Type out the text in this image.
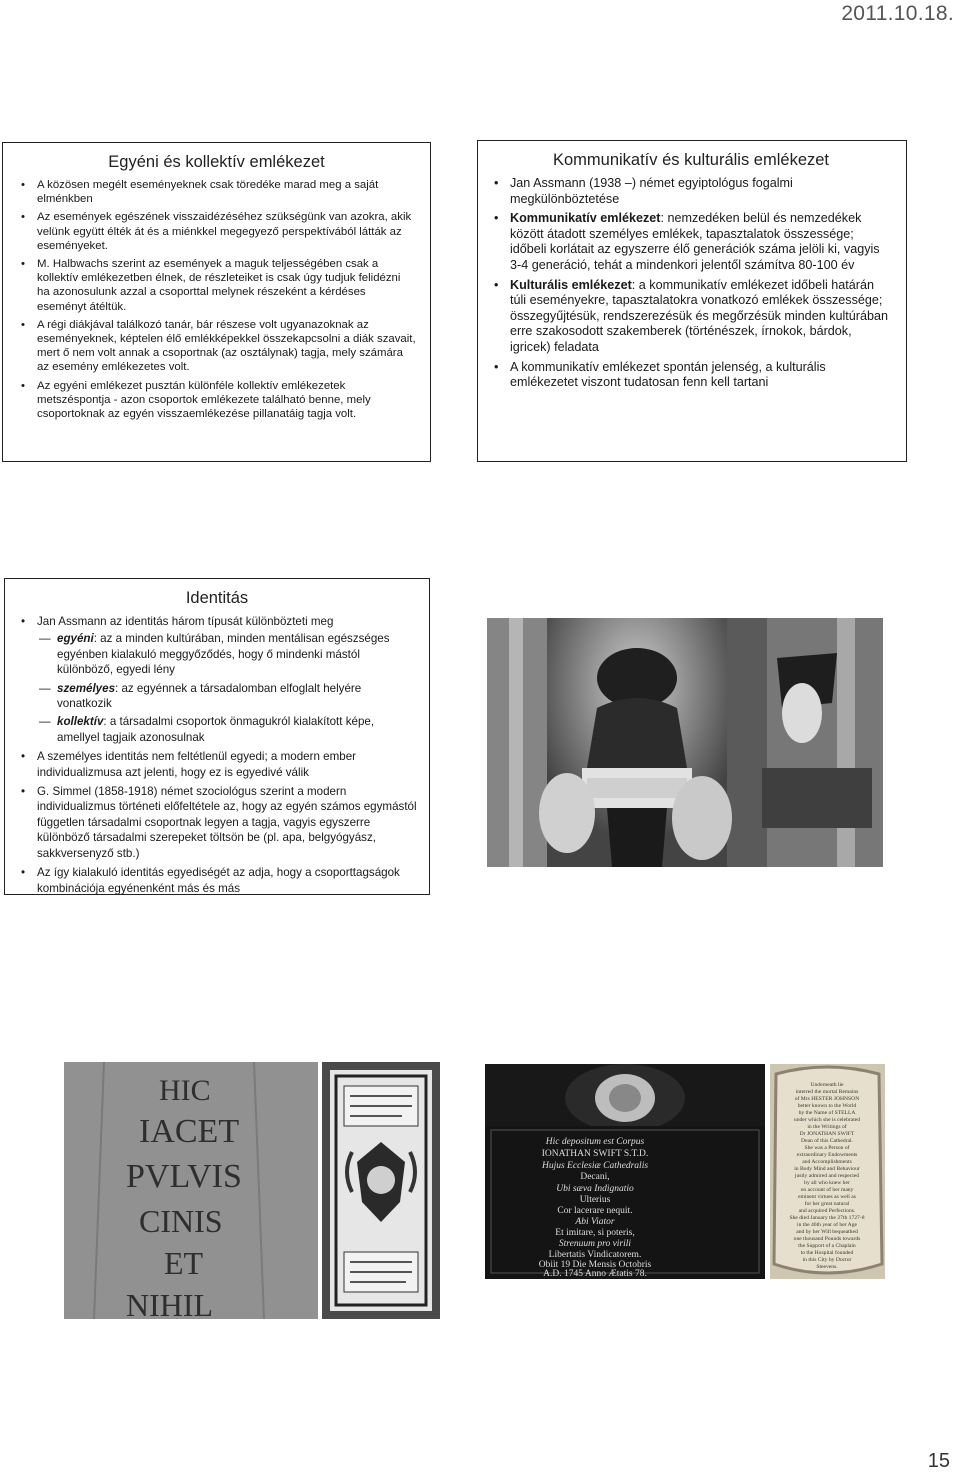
2011.10.18.
Egyéni és kollektív emlékezet
• A közösen megélt eseményeknek csak töredéke marad meg a saját elménkben
• Az események egészének visszaidézéséhez szükségünk van azokra, akik velünk együtt élték át és a miénkkel megegyező perspektívából látták az eseményeket.
• M. Halbwachs szerint az események a maguk teljességében csak a kollektív emlékezetben élnek, de részleteiket is csak úgy tudjuk felidézni ha azonosulunk azzal a csoporttal melynek részeként a kérdéses eseményt átéltük.
• A régi diákjával találkozó tanár, bár részese volt ugyanazoknak az eseményeknek, képtelen élő emlékképekkel összekapcsolni a diák szavait, mert ő nem volt annak a csoportnak (az osztálynak) tagja, mely számára az esemény emlékezetes volt.
• Az egyéni emlékezet pusztán különféle kollektív emlékezetek metszéspontja - azon csoportok emlékezete található benne, mely csoportoknak az egyén visszaemlékezése pillanatáig tagja volt.
Kommunikatív és kulturális emlékezet
• Jan Assmann (1938 –) német egyiptológus fogalmi megkülönböztetése
• Kommunikatív emlékezet: nemzedéken belül és nemzedékek között átadott személyes emlékek, tapasztalatok összessége; időbeli korlátait az egyszerre élő generációk száma jelöli ki, vagyis 3-4 generáció, tehát a mindenkori jelentől számítva 80-100 év
• Kulturális emlékezet: a kommunikatív emlékezet időbeli határán túli eseményekre, tapasztalatokra vonatkozó emlékek összessége; összegyűjtésük, rendszerezésük és megőrzésük minden kultúrában erre szakosodott szakemberek (történészek, írnokok, bárdok, igricek) feladata
• A kommunikatív emlékezet spontán jelenség, a kulturális emlékezetet viszont tudatosan fenn kell tartani
Identitás
• Jan Assmann az identitás három típusát különbözteti meg
— egyéni: az a minden kultúrában, minden mentálisan egészséges egyénben kialakuló meggyőződés, hogy ő mindenki mástól különböző, egyedi lény
— személyes: az egyénnek a társadalomban elfoglalt helyére vonatkozik
— kollektív: a társadalmi csoportok önmagukról kialakított képe, amellyel tagjaik azonosulnak
• A személyes identitás nem feltétlenül egyedi; a modern ember individualizmusa azt jelenti, hogy ez is egyedivé válik
• G. Simmel (1858-1918) német szociológus szerint a modern individualizmus történeti előfeltétele az, hogy az egyén számos egymástól független társadalmi csoportnak legyen a tagja, vagyis egyszerre különböző társadalmi szerepeket töltsön be (pl. apa, belgyógyász, sakkversenyző stb.)
• Az így kialakuló identitás egyediségét az adja, hogy a csoporttagságok kombinációja egyénenként más és más
HIC
IACET
PVLVIS
CINIS
ET
NIHIL
Hic depositum est Corpus
IONATHAN SWIFT S.T.D.
Hujus Ecclesiæ Cathedralis
Decani,
Ubi sæva Indignatio
Ulterius
Cor lacerare nequit.
Abi Viator
Et imitare, si poteris,
Strenuum pro virili
Libertatis Vindicatorem.
Obiit 19 Die Mensis Octobris
A.D. 1745 Anno Ætatis 78.
Underneath lie
interred the mortal Remains
of Mrs HESTER JOHNSON
better known to the World
by the Name of STELLA
under which she is celebrated
in the Writings of
Dr JONATHAN SWIFT
Dean of this Cathedral.
She was a Person of
extraordinary Endowments
and Accomplishments
in Body Mind and Behaviour
justly admired and respected
by all who knew her
on account of her many
eminent virtues as well as
for her great natural
and acquired Perfections.
She died January the 27th 1727-8
in the 46th year of her Age
and by her Will bequeathed
one thousand Pounds towards
the Support of a Chaplain
to the Hospital founded
in this City by Doctor
Steevens.
15
